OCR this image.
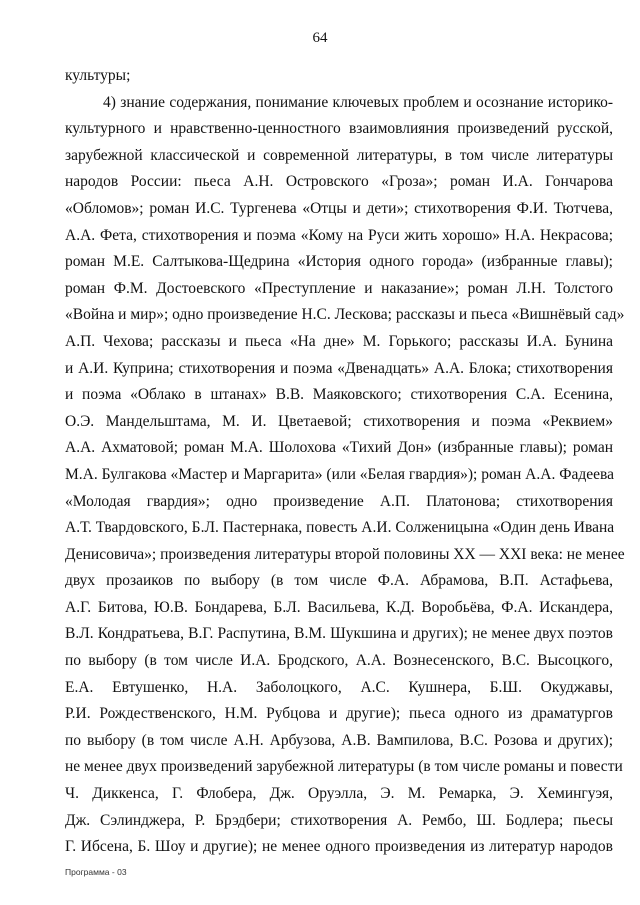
64
культуры;
4) знание содержания, понимание ключевых проблем и осознание историко-
культурного и нравственно-ценностного взаимовлияния произведений русской,
зарубежной классической и современной литературы, в том числе литературы
народов России: пьеса А.Н. Островского «Гроза»; роман И.А. Гончарова
«Обломов»; роман И.С. Тургенева «Отцы и дети»; стихотворения Ф.И. Тютчева,
А.А. Фета, стихотворения и поэма «Кому на Руси жить хорошо» Н.А. Некрасова;
роман М.Е. Салтыкова-Щедрина «История одного города» (избранные главы);
роман Ф.М. Достоевского «Преступление и наказание»; роман Л.Н. Толстого
«Война и мир»; одно произведение Н.С. Лескова; рассказы и пьеса «Вишнёвый сад»
А.П. Чехова; рассказы и пьеса «На дне» М. Горького; рассказы И.А. Бунина
и А.И. Куприна; стихотворения и поэма «Двенадцать» А.А. Блока; стихотворения
и поэма «Облако в штанах» В.В. Маяковского; стихотворения С.А. Есенина,
О.Э. Мандельштама, М. И. Цветаевой; стихотворения и поэма «Реквием»
А.А. Ахматовой; роман М.А. Шолохова «Тихий Дон» (избранные главы); роман
М.А. Булгакова «Мастер и Маргарита» (или «Белая гвардия»); роман А.А. Фадеева
«Молодая гвардия»; одно произведение А.П. Платонова; стихотворения
А.Т. Твардовского, Б.Л. Пастернака, повесть А.И. Солженицына «Один день Ивана
Денисовича»; произведения литературы второй половины XX — XXI века: не менее
двух прозаиков по выбору (в том числе Ф.А. Абрамова, В.П. Астафьева,
А.Г. Битова, Ю.В. Бондарева, Б.Л. Васильева, К.Д. Воробьёва, Ф.А. Искандера,
В.Л. Кондратьева, В.Г. Распутина, В.М. Шукшина и других); не менее двух поэтов
по выбору (в том числе И.А. Бродского, А.А. Вознесенского, В.С. Высоцкого,
Е.А. Евтушенко, Н.А. Заболоцкого, А.С. Кушнера, Б.Ш. Окуджавы,
Р.И. Рождественского, Н.М. Рубцова и другие); пьеса одного из драматургов
по выбору (в том числе А.Н. Арбузова, А.В. Вампилова, В.С. Розова и других);
не менее двух произведений зарубежной литературы (в том числе романы и повести
Ч. Диккенса, Г. Флобера, Дж. Оруэлла, Э. М. Ремарка, Э. Хемингуэя,
Дж. Сэлинджера, Р. Брэдбери; стихотворения А. Рембо, Ш. Бодлера; пьесы
Г. Ибсена, Б. Шоу и другие); не менее одного произведения из литератур народов
Программа - 03
